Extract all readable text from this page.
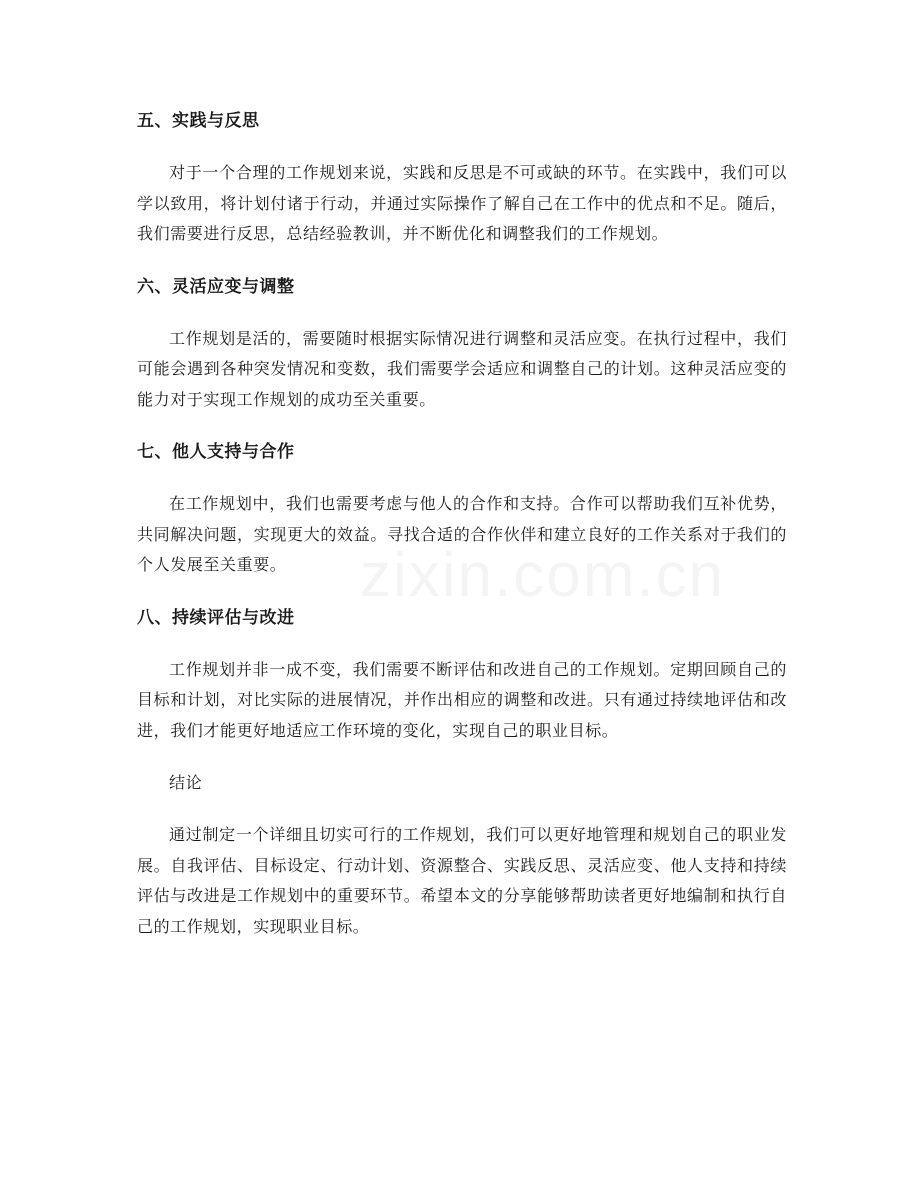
五、实践与反思

对于一个合理的工作规划来说，实践和反思是不可或缺的环节。在实践中，我们可以学以致用，将计划付诸于行动，并通过实际操作了解自己在工作中的优点和不足。随后，我们需要进行反思，总结经验教训，并不断优化和调整我们的工作规划。

六、灵活应变与调整

工作规划是活的，需要随时根据实际情况进行调整和灵活应变。在执行过程中，我们可能会遇到各种突发情况和变数，我们需要学会适应和调整自己的计划。这种灵活应变的能力对于实现工作规划的成功至关重要。

七、他人支持与合作

在工作规划中，我们也需要考虑与他人的合作和支持。合作可以帮助我们互补优势，共同解决问题，实现更大的效益。寻找合适的合作伙伴和建立良好的工作关系对于我们的个人发展至关重要。

八、持续评估与改进

工作规划并非一成不变，我们需要不断评估和改进自己的工作规划。定期回顾自己的目标和计划，对比实际的进展情况，并作出相应的调整和改进。只有通过持续地评估和改进，我们才能更好地适应工作环境的变化，实现自己的职业目标。

结论

通过制定一个详细且切实可行的工作规划，我们可以更好地管理和规划自己的职业发展。自我评估、目标设定、行动计划、资源整合、实践反思、灵活应变、他人支持和持续评估与改进是工作规划中的重要环节。希望本文的分享能够帮助读者更好地编制和执行自己的工作规划，实现职业目标。
